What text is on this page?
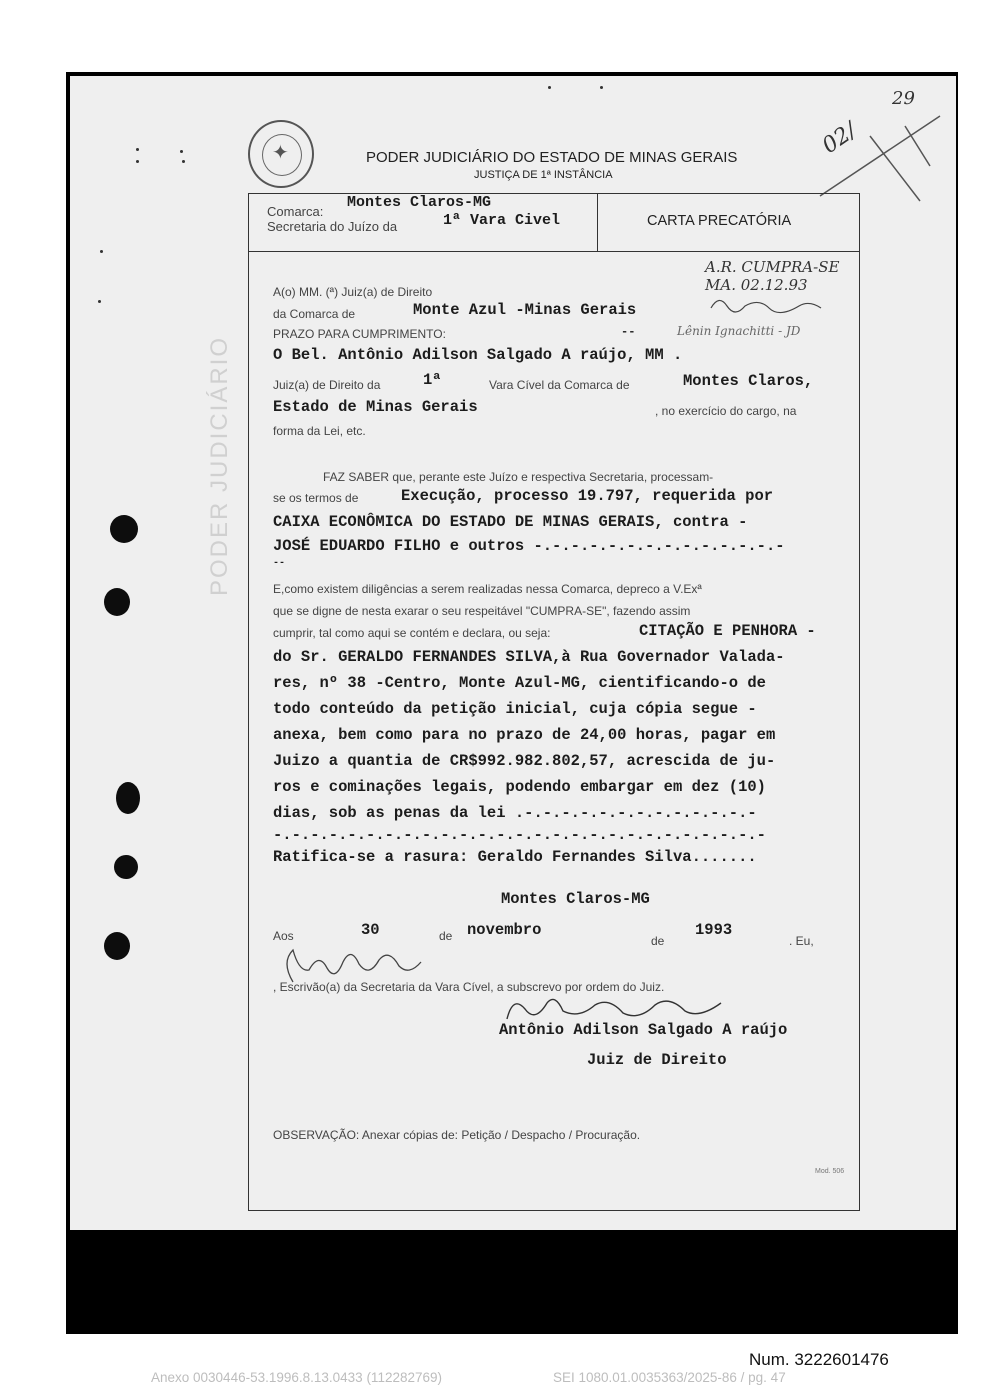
✦
PODER JUDICIÁRIO DO ESTADO DE MINAS GERAIS
JUSTIÇA DE 1ª INSTÂNCIA
02/
29
PODER JUDICIÁRIO
Comarca:
Montes Claros-MG
Secretaria do Juízo da	1ª Vara Civel	CARTA PRECATÓRIA
A.R. CUMPRA-SE
MA. 02.12.93
Lênin Ignachitti - JD
A(o) MM. (ª) Juiz(a) de Direito
da Comarca de	Monte Azul -Minas Gerais
PRAZO PARA CUMPRIMENTO:	--
O Bel. Antônio Adilson Salgado A raújo, MM .
Juiz(a) de Direito da	1ª	Vara Cível da Comarca de	Montes Claros,
Estado de Minas Gerais	, no exercício do cargo, na
forma da Lei, etc.
FAZ SABER que, perante este Juízo e respectiva Secretaria, processam-
se os termos de	Execução, processo 19.797, requerida por
CAIXA ECONÔMICA DO ESTADO DE MINAS GERAIS, contra -
JOSÉ EDUARDO FILHO e outros -.-.-.-.-.-.-.-.-.-.-.-.-.-
--
E,como existem diligências a serem realizadas nessa Comarca, depreco a V.Exª
que se digne de nesta exarar o seu respeitável "CUMPRA-SE", fazendo assim
cumprir, tal como aqui se contém e declara, ou seja:	CITAÇÃO E PENHORA -
do Sr. GERALDO FERNANDES SILVA,à Rua Governador Valada-
res, nº 38 -Centro, Monte Azul-MG, cientificando-o de
todo conteúdo da petição inicial, cuja cópia segue -
anexa, bem como para no prazo de 24,00 horas, pagar em
Juizo a quantia de CR$992.982.802,57, acrescida de ju-
ros e cominações legais, podendo embargar em dez (10)
dias, sob as penas da lei .-.-.-.-.-.-.-.-.-.-.-.-.-
-.-.-.-.-.-.-.-.-.-.-.-.-.-.-.-.-.-.-.-.-.-.-.-.-.-.-
Ratifica-se a rasura: Geraldo Fernandes Silva.......
Montes Claros-MG
Aos	30	de novembro
de
1993
. Eu,
, Escrivão(a) da Secretaria da Vara Cível, a subscrevo por ordem do Juiz.
Antônio Adilson Salgado A raújo
Juiz de Direito
OBSERVAÇÃO: Anexar cópias de: Petição / Despacho / Procuração.
Mod. 506
Num. 3222601476
Anexo 0030446-53.1996.8.13.0433 (112282769)	SEI 1080.01.0035363/2025-86 / pg. 47
